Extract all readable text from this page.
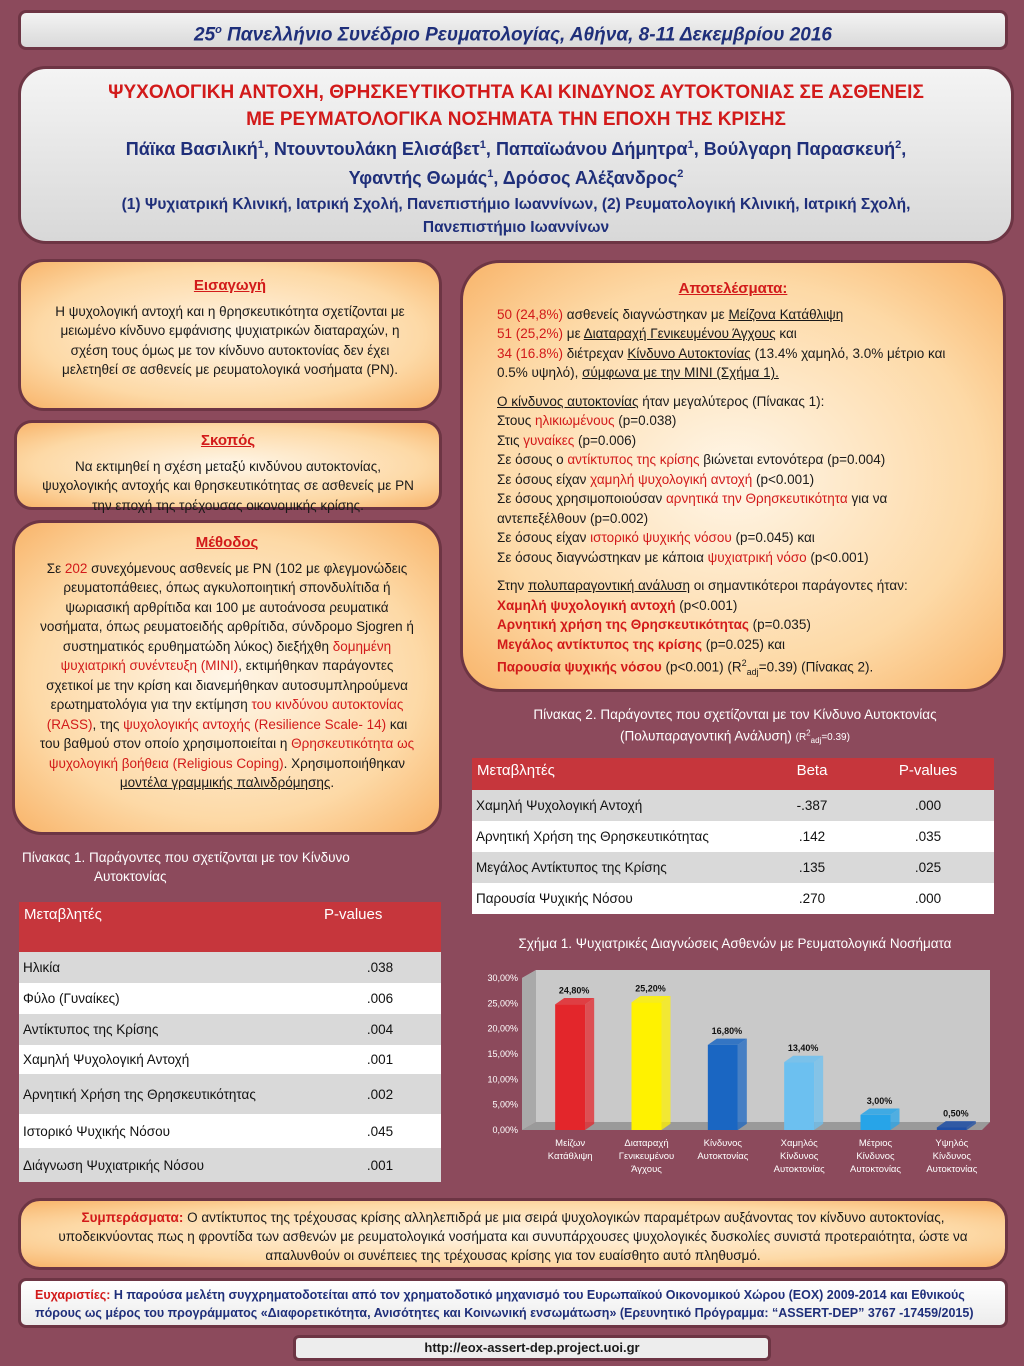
$25^o$ Πανελλήνιο Συνέδριο Ρευματολογίας, Αθήνα, 8-11 Δεκεμβρίου 2016
ΨΥΧΟΛΟΓΙΚΗ ΑΝΤΟΧΗ, ΘΡΗΣΚΕΥΤΙΚΟΤΗΤΑ ΚΑΙ ΚΙΝΔΥΝΟΣ ΑΥΤΟΚΤΟΝΙΑΣ ΣΕ ΑΣΘΕΝΕΙΣ
ΜΕ ΡΕΥΜΑΤΟΛΟΓΙΚΑ ΝΟΣΗΜΑΤΑ ΤΗΝ ΕΠΟΧΗ ΤΗΣ ΚΡΙΣΗΣ
Πάϊκα Βασιλική$^1$, Ντουντουλάκη Ελισάβετ$^1$, Παπαϊωάνου Δήμητρα$^1$, Βούλγαρη Παρασκευή$^2$,
Υφαντής Θωμάς$^1$, Δρόσος Αλέξανδρος$^2$
(1) Ψυχιατρική Κλινική, Ιατρική Σχολή, Πανεπιστήμιο Ιωαννίνων, (2) Ρευματολογική Κλινική, Ιατρική Σχολή,
Πανεπιστήμιο Ιωαννίνων
Εισαγωγή
Η ψυχολογική αντοχή και η θρησκευτικότητα σχετίζονται με μειωμένο κίνδυνο εμφάνισης ψυχιατρικών διαταραχών, η σχέση τους όμως με τον κίνδυνο αυτοκτονίας δεν έχει μελετηθεί σε ασθενείς με ρευματολογικά νοσήματα (ΡΝ).
Σκοπός
Να εκτιμηθεί η σχέση μεταξύ κινδύνου αυτοκτονίας, ψυχολογικής αντοχής και θρησκευτικότητας σε ασθενείς με ΡΝ την εποχή της τρέχουσας οικονομικής κρίσης.
Μέθοδος
Σε 202 συνεχόμενους ασθενείς με ΡΝ (102 με φλεγμονώδεις ρευματοπάθειες, όπως αγκυλοποιητική σπονδυλίτιδα ή ψωριασική αρθρίτιδα και 100 με αυτοάνοσα ρευματικά νοσήματα, όπως ρευματοειδής αρθρίτιδα, σύνδρομο Sjogren ή συστηματικός ερυθηματώδη λύκος) διεξήχθη δομημένη ψυχιατρική συνέντευξη (MINI), εκτιμήθηκαν παράγοντες σχετικοί με την κρίση και διανεμήθηκαν αυτοσυμπληρούμενα ερωτηματολόγια για την εκτίμηση του κινδύνου αυτοκτονίας (RASS), της ψυχολογικής αντοχής (Resilience Scale- 14) και του βαθμού στον οποίο χρησιμοποιείται η Θρησκευτικότητα ως ψυχολογική βοήθεια (Religious Coping). Χρησιμοποιήθηκαν μοντέλα γραμμικής παλινδρόμησης.
Αποτελέσματα:

50 (24,8%) ασθενείς διαγνώστηκαν με Μείζονα Κατάθλιψη

51 (25,2%) με Διαταραχή Γενικευμένου Άγχους και

34 (16.8%) διέτρεχαν Κίνδυνο Αυτοκτονίας (13.4% χαμηλό, 3.0% μέτριο και 0.5% υψηλό), σύμφωνα με την MINI (Σχήμα 1).

Ο κίνδυνος αυτοκτονίας ήταν μεγαλύτερος (Πίνακας 1):

Στους ηλικιωμένους (p=0.038)

Στις γυναίκες (p=0.006)

Σε όσους ο αντίκτυπος της κρίσης βιώνεται εντονότερα (p=0.004)

Σε όσους είχαν χαμηλή ψυχολογική αντοχή (p<0.001)

Σε όσους χρησιμοποιούσαν αρνητικά την Θρησκευτικότητα για να αντεπεξέλθουν (p=0.002)

Σε όσους είχαν ιστορικό ψυχικής νόσου (p=0.045) και

Σε όσους διαγνώστηκαν με κάποια ψυχιατρική νόσο (p<0.001)

Στην πολυπαραγοντική ανάλυση οι σημαντικότεροι παράγοντες ήταν:

Χαμηλή ψυχολογική αντοχή (p<0.001)

Αρνητική χρήση της Θρησκευτικότητας (p=0.035)

Μεγάλος αντίκτυπος της κρίσης (p=0.025) και

Παρουσία ψυχικής νόσου (p<0.001) $(R^2_{adj}=0.39)$ (Πίνακας 2).

Πίνακας 2. Παράγοντες που σχετίζονται με τον Κίνδυνο Αυτοκτονίας
(Πολυπαραγοντική Ανάλυση) $(R^2_{adj}=0.39)$
Μεταβλητές	Beta	P-values
Χαμηλή Ψυχολογική Αντοχή	-.387	.000
Αρνητική Χρήση της Θρησκευτικότητας	.142	.035
Μεγάλος Αντίκτυπος της Κρίσης	.135	.025
Παρουσία Ψυχικής Νόσου	.270	.000
Πίνακας 1. Παράγοντες που σχετίζονται με τον Κίνδυνο
Αυτοκτονίας
Μεταβλητές	P-values
Ηλικία	.038
Φύλο (Γυναίκες)	.006
Αντίκτυπος της Κρίσης	.004
Χαμηλή Ψυχολογική Αντοχή	.001
Αρνητική Χρήση της Θρησκευτικότητας	.002
Ιστορικό Ψυχικής Νόσου	.045
Διάγνωση Ψυχιατρικής Νόσου	.001
Σχήμα 1. Ψυχιατρικές Διαγνώσεις Ασθενών με Ρευματολογικά Νοσήματα
0,00%
5,00%
10,00%
15,00%
20,00%
25,00%
30,00%
24,80%
Μείζων
Κατάθλιψη
25,20%
Διαταραχή
Γενικευμένου
Άγχους
16,80%
Κίνδυνος
Αυτοκτονίας
13,40%
Χαμηλός
Κίνδυνος
Αυτοκτονίας
3,00%
Μέτριος
Κίνδυνος
Αυτοκτονίας
0,50%
Υψηλός
Κίνδυνος
Αυτοκτονίας
Συμπεράσματα: Ο αντίκτυπος της τρέχουσας κρίσης αλληλεπιδρά με μια σειρά ψυχολογικών παραμέτρων αυξάνοντας τον κίνδυνο αυτοκτονίας, υποδεικνύοντας πως η φροντίδα των ασθενών με ρευματολογικά νοσήματα και συνυπάρχουσες ψυχολογικές δυσκολίες συνιστά προτεραιότητα, ώστε να απαλυνθούν οι συνέπειες της τρέχουσας κρίσης για τον ευαίσθητο αυτό πληθυσμό.
Ευχαριστίες: Η παρούσα μελέτη συγχρηματοδοτείται από τον χρηματοδοτικό μηχανισμό του Ευρωπαϊκού Οικονομικού Χώρου (ΕΟΧ) 2009-2014 και Εθνικούς πόρους ως μέρος του προγράμματος «Διαφορετικότητα, Ανισότητες και Κοινωνική ενσωμάτωση» (Ερευνητικό Πρόγραμμα: “ASSERT-DEP” 3767 -17459/2015)
http://eox-assert-dep.project.uoi.gr
